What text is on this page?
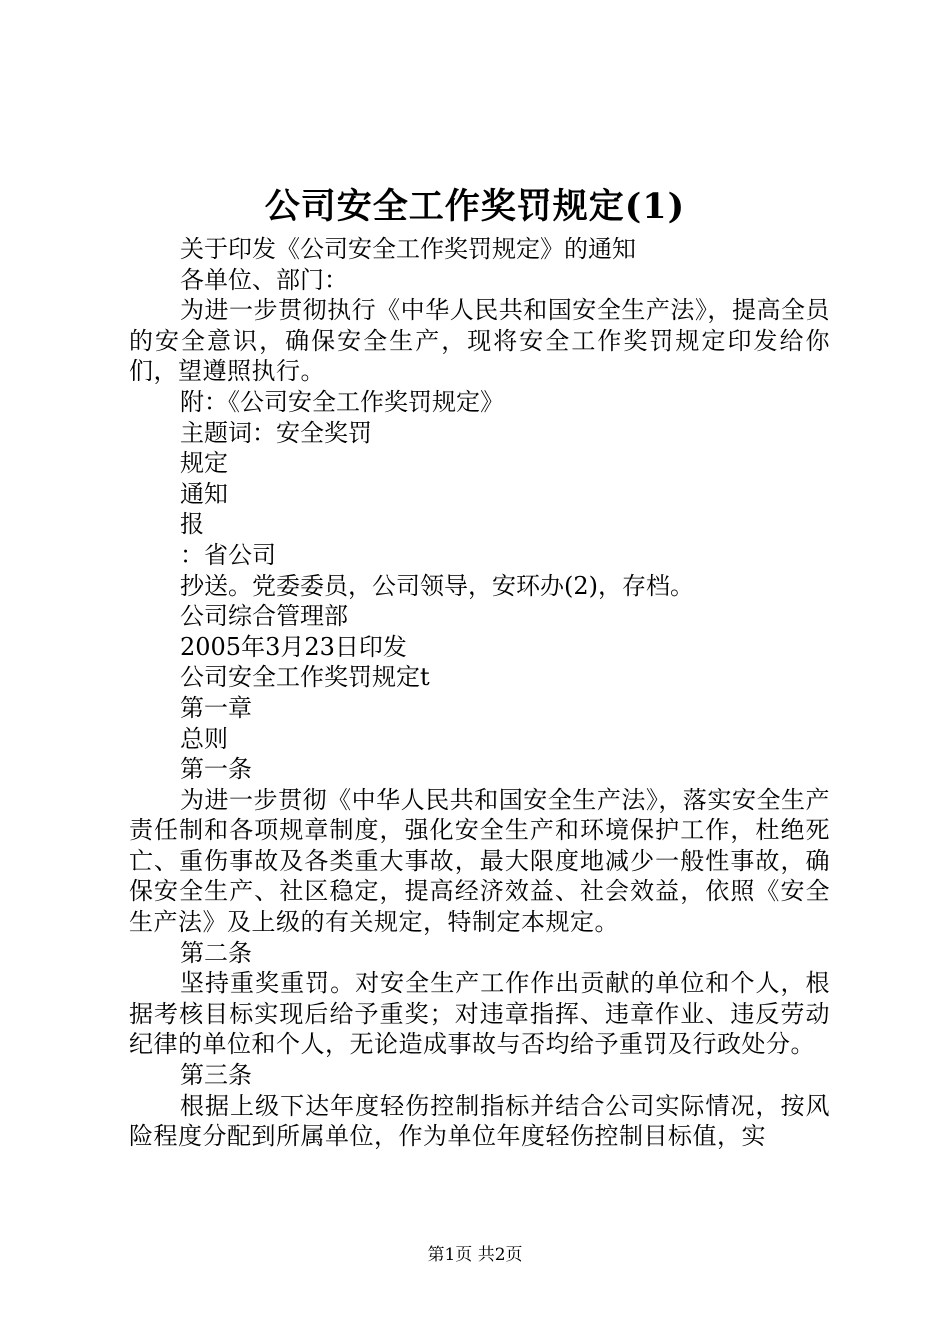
公司安全工作奖罚规定(1)

关于印发《公司安全工作奖罚规定》的通知

各单位、部门：

为进一步贯彻执行《中华人民共和国安全生产法》，提高全员的安全意识，确保安全生产，现将安全工作奖罚规定印发给你们，望遵照执行。

附：《公司安全工作奖罚规定》

主题词：安全奖罚

规定

通知

报

：省公司

抄送。党委委员，公司领导，安环办(2)，存档。

公司综合管理部

2005年3月23日印发

公司安全工作奖罚规定t

第一章

总则

第一条

为进一步贯彻《中华人民共和国安全生产法》，落实安全生产责任制和各项规章制度，强化安全生产和环境保护工作，杜绝死亡、重伤事故及各类重大事故，最大限度地减少一般性事故，确保安全生产、社区稳定，提高经济效益、社会效益，依照《安全生产法》及上级的有关规定，特制定本规定。

第二条

坚持重奖重罚。对安全生产工作作出贡献的单位和个人，根据考核目标实现后给予重奖；对违章指挥、违章作业、违反劳动纪律的单位和个人，无论造成事故与否均给予重罚及行政处分。

第三条

根据上级下达年度轻伤控制指标并结合公司实际情况，按风险程度分配到所属单位，作为单位年度轻伤控制目标值，实

第1页 共2页
